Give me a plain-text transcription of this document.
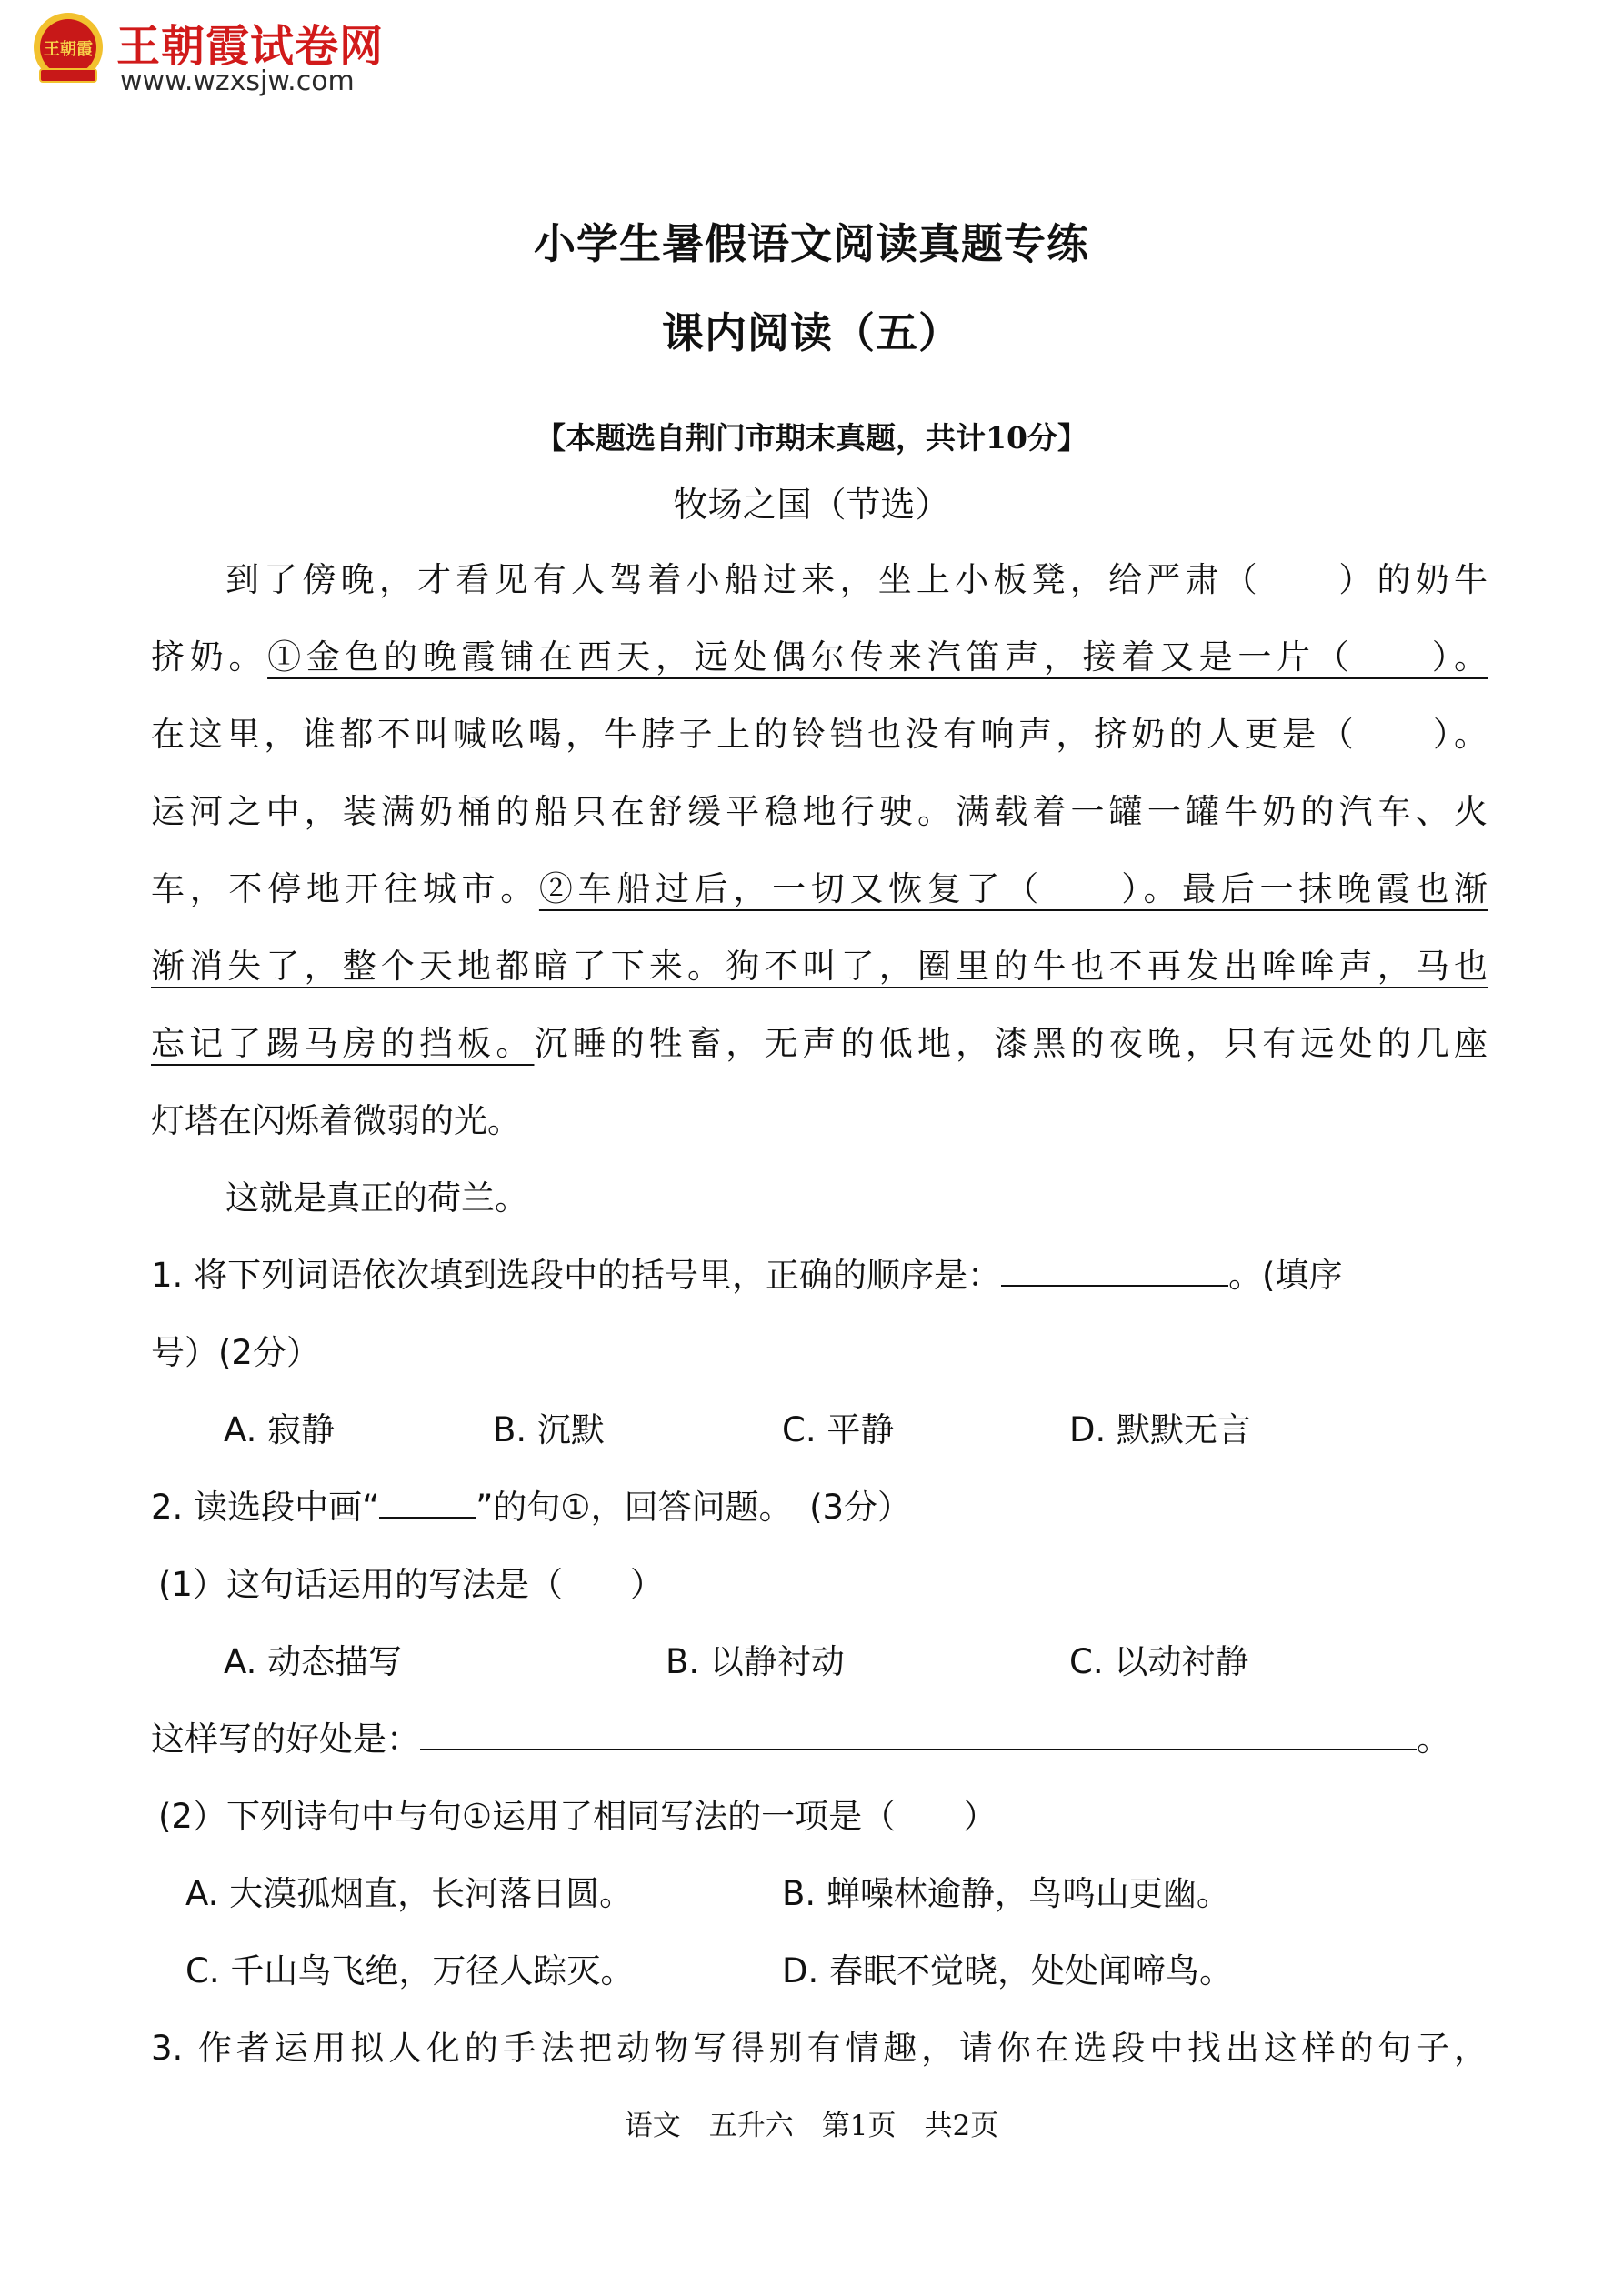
王朝霞 王朝霞试卷网
www.wzxsjw.com
小学生暑假语文阅读真题专练
课内阅读（五）
【本题选自荆门市期末真题，共计10分】
牧场之国（节选）
到了傍晚，才看见有人驾着小船过来，坐上小板凳，给严肃（　　）的奶牛
挤奶。①金色的晚霞铺在西天，远处偶尔传来汽笛声，接着又是一片（　　）。
在这里，谁都不叫喊吆喝，牛脖子上的铃铛也没有响声，挤奶的人更是（　　）。
运河之中，装满奶桶的船只在舒缓平稳地行驶。满载着一罐一罐牛奶的汽车、火
车，不停地开往城市。②车船过后，一切又恢复了（　　）。最后一抹晚霞也渐
渐消失了，整个天地都暗了下来。狗不叫了，圈里的牛也不再发出哞哞声，马也
忘记了踢马房的挡板。沉睡的牲畜，无声的低地，漆黑的夜晚，只有远处的几座
灯塔在闪烁着微弱的光。
这就是真正的荷兰。
1. 将下列词语依次填到选段中的括号里，正确的顺序是：	。(填序
号）(2分）
A. 寂静	B. 沉默	C. 平静	D. 默默无言
2. 读选段中画“	”的句①，回答问题。　(3分）
(1）这句话运用的写法是（　　）
A. 动态描写	B. 以静衬动	C. 以动衬静
这样写的好处是：	。
(2）下列诗句中与句①运用了相同写法的一项是（　　）
A. 大漠孤烟直，长河落日圆。	B. 蝉噪林逾静，鸟鸣山更幽。
C. 千山鸟飞绝，万径人踪灭。	D. 春眠不觉晓，处处闻啼鸟。
3. 作者运用拟人化的手法把动物写得别有情趣，请你在选段中找出这样的句子，
语文　五升六　第1页　共2页
